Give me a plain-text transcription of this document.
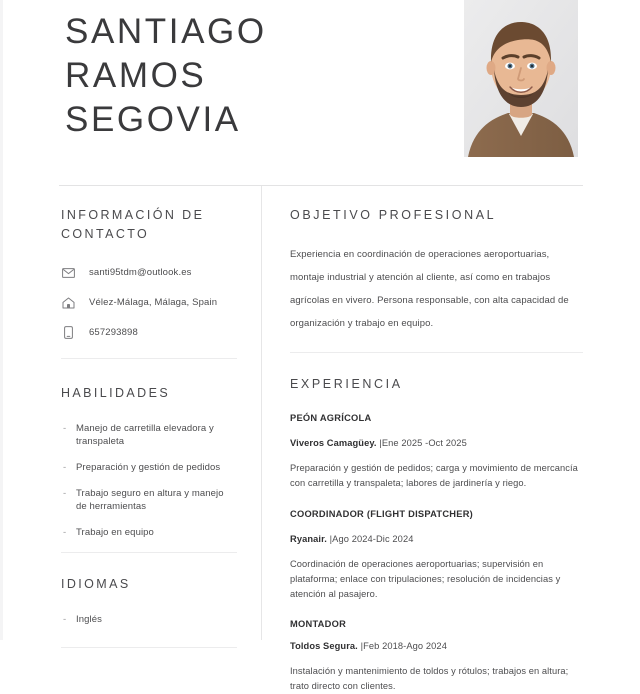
SANTIAGO
RAMOS
SEGOVIA
INFORMACIÓN DE CONTACTO
santi95tdm@outlook.es
Vélez-Málaga, Málaga, Spain
657293898
HABILIDADES
- Manejo de carretilla elevadora y transpaleta
- Preparación y gestión de pedidos
- Trabajo seguro en altura y manejo de herramientas
- Trabajo en equipo
IDIOMAS
- Inglés
OBJETIVO PROFESIONAL

Experiencia en coordinación de operaciones aeroportuarias, montaje industrial y atención al cliente, así como en trabajos agrícolas en vivero. Persona responsable, con alta capacidad de organización y trabajo en equipo.

EXPERIENCIA

PEÓN AGRÍCOLA

Viveros Camagüey. |Ene 2025 -Oct 2025

Preparación y gestión de pedidos; carga y movimiento de mercancía con carretilla y transpaleta; labores de jardinería y riego.

COORDINADOR (FLIGHT DISPATCHER)

Ryanair. |Ago 2024-Dic 2024

Coordinación de operaciones aeroportuarias; supervisión en plataforma; enlace con tripulaciones; resolución de incidencias y atención al pasajero.

MONTADOR

Toldos Segura. |Feb 2018-Ago 2024

Instalación y mantenimiento de toldos y rótulos; trabajos en altura; trato directo con clientes.
